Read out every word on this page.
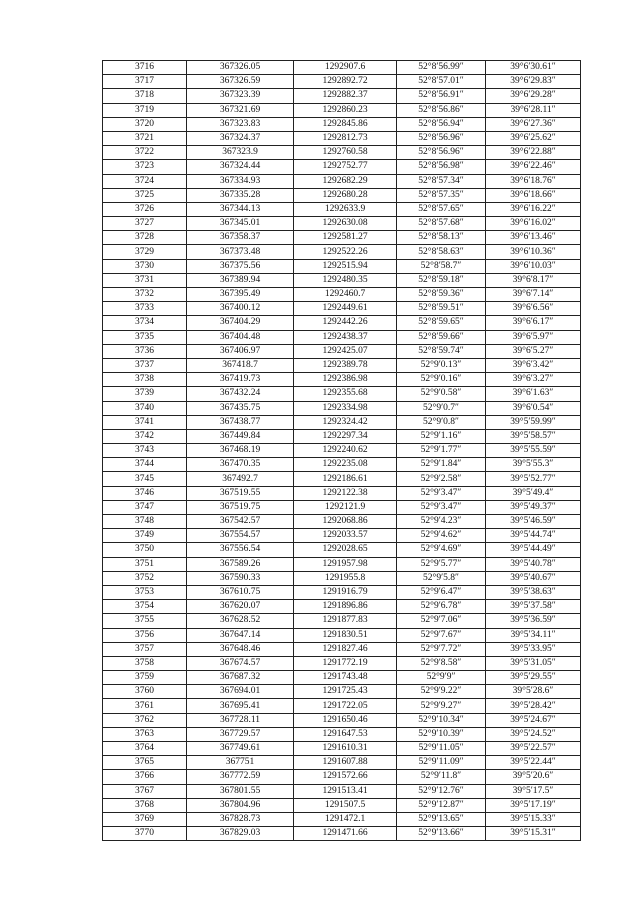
3716	367326.05	1292907.6	52°8′56.99″	39°6′30.61″
3717	367326.59	1292892.72	52°8′57.01″	39°6′29.83″
3718	367323.39	1292882.37	52°8′56.91″	39°6′29.28″
3719	367321.69	1292860.23	52°8′56.86″	39°6′28.11″
3720	367323.83	1292845.86	52°8′56.94″	39°6′27.36″
3721	367324.37	1292812.73	52°8′56.96″	39°6′25.62″
3722	367323.9	1292760.58	52°8′56.96″	39°6′22.88″
3723	367324.44	1292752.77	52°8′56.98″	39°6′22.46″
3724	367334.93	1292682.29	52°8′57.34″	39°6′18.76″
3725	367335.28	1292680.28	52°8′57.35″	39°6′18.66″
3726	367344.13	1292633.9	52°8′57.65″	39°6′16.22″
3727	367345.01	1292630.08	52°8′57.68″	39°6′16.02″
3728	367358.37	1292581.27	52°8′58.13″	39°6′13.46″
3729	367373.48	1292522.26	52°8′58.63″	39°6′10.36″
3730	367375.56	1292515.94	52°8′58.7″	39°6′10.03″
3731	367389.94	1292480.35	52°8′59.18″	39°6′8.17″
3732	367395.49	1292460.7	52°8′59.36″	39°6′7.14″
3733	367400.12	1292449.61	52°8′59.51″	39°6′6.56″
3734	367404.29	1292442.26	52°8′59.65″	39°6′6.17″
3735	367404.48	1292438.37	52°8′59.66″	39°6′5.97″
3736	367406.97	1292425.07	52°8′59.74″	39°6′5.27″
3737	367418.7	1292389.78	52°9′0.13″	39°6′3.42″
3738	367419.73	1292386.98	52°9′0.16″	39°6′3.27″
3739	367432.24	1292355.68	52°9′0.58″	39°6′1.63″
3740	367435.75	1292334.98	52°9′0.7″	39°6′0.54″
3741	367438.77	1292324.42	52°9′0.8″	39°5′59.99″
3742	367449.84	1292297.34	52°9′1.16″	39°5′58.57″
3743	367468.19	1292240.62	52°9′1.77″	39°5′55.59″
3744	367470.35	1292235.08	52°9′1.84″	39°5′55.3″
3745	367492.7	1292186.61	52°9′2.58″	39°5′52.77″
3746	367519.55	1292122.38	52°9′3.47″	39°5′49.4″
3747	367519.75	1292121.9	52°9′3.47″	39°5′49.37″
3748	367542.57	1292068.86	52°9′4.23″	39°5′46.59″
3749	367554.57	1292033.57	52°9′4.62″	39°5′44.74″
3750	367556.54	1292028.65	52°9′4.69″	39°5′44.49″
3751	367589.26	1291957.98	52°9′5.77″	39°5′40.78″
3752	367590.33	1291955.8	52°9′5.8″	39°5′40.67″
3753	367610.75	1291916.79	52°9′6.47″	39°5′38.63″
3754	367620.07	1291896.86	52°9′6.78″	39°5′37.58″
3755	367628.52	1291877.83	52°9′7.06″	39°5′36.59″
3756	367647.14	1291830.51	52°9′7.67″	39°5′34.11″
3757	367648.46	1291827.46	52°9′7.72″	39°5′33.95″
3758	367674.57	1291772.19	52°9′8.58″	39°5′31.05″
3759	367687.32	1291743.48	52°9′9″	39°5′29.55″
3760	367694.01	1291725.43	52°9′9.22″	39°5′28.6″
3761	367695.41	1291722.05	52°9′9.27″	39°5′28.42″
3762	367728.11	1291650.46	52°9′10.34″	39°5′24.67″
3763	367729.57	1291647.53	52°9′10.39″	39°5′24.52″
3764	367749.61	1291610.31	52°9′11.05″	39°5′22.57″
3765	367751	1291607.88	52°9′11.09″	39°5′22.44″
3766	367772.59	1291572.66	52°9′11.8″	39°5′20.6″
3767	367801.55	1291513.41	52°9′12.76″	39°5′17.5″
3768	367804.96	1291507.5	52°9′12.87″	39°5′17.19″
3769	367828.73	1291472.1	52°9′13.65″	39°5′15.33″
3770	367829.03	1291471.66	52°9′13.66″	39°5′15.31″
